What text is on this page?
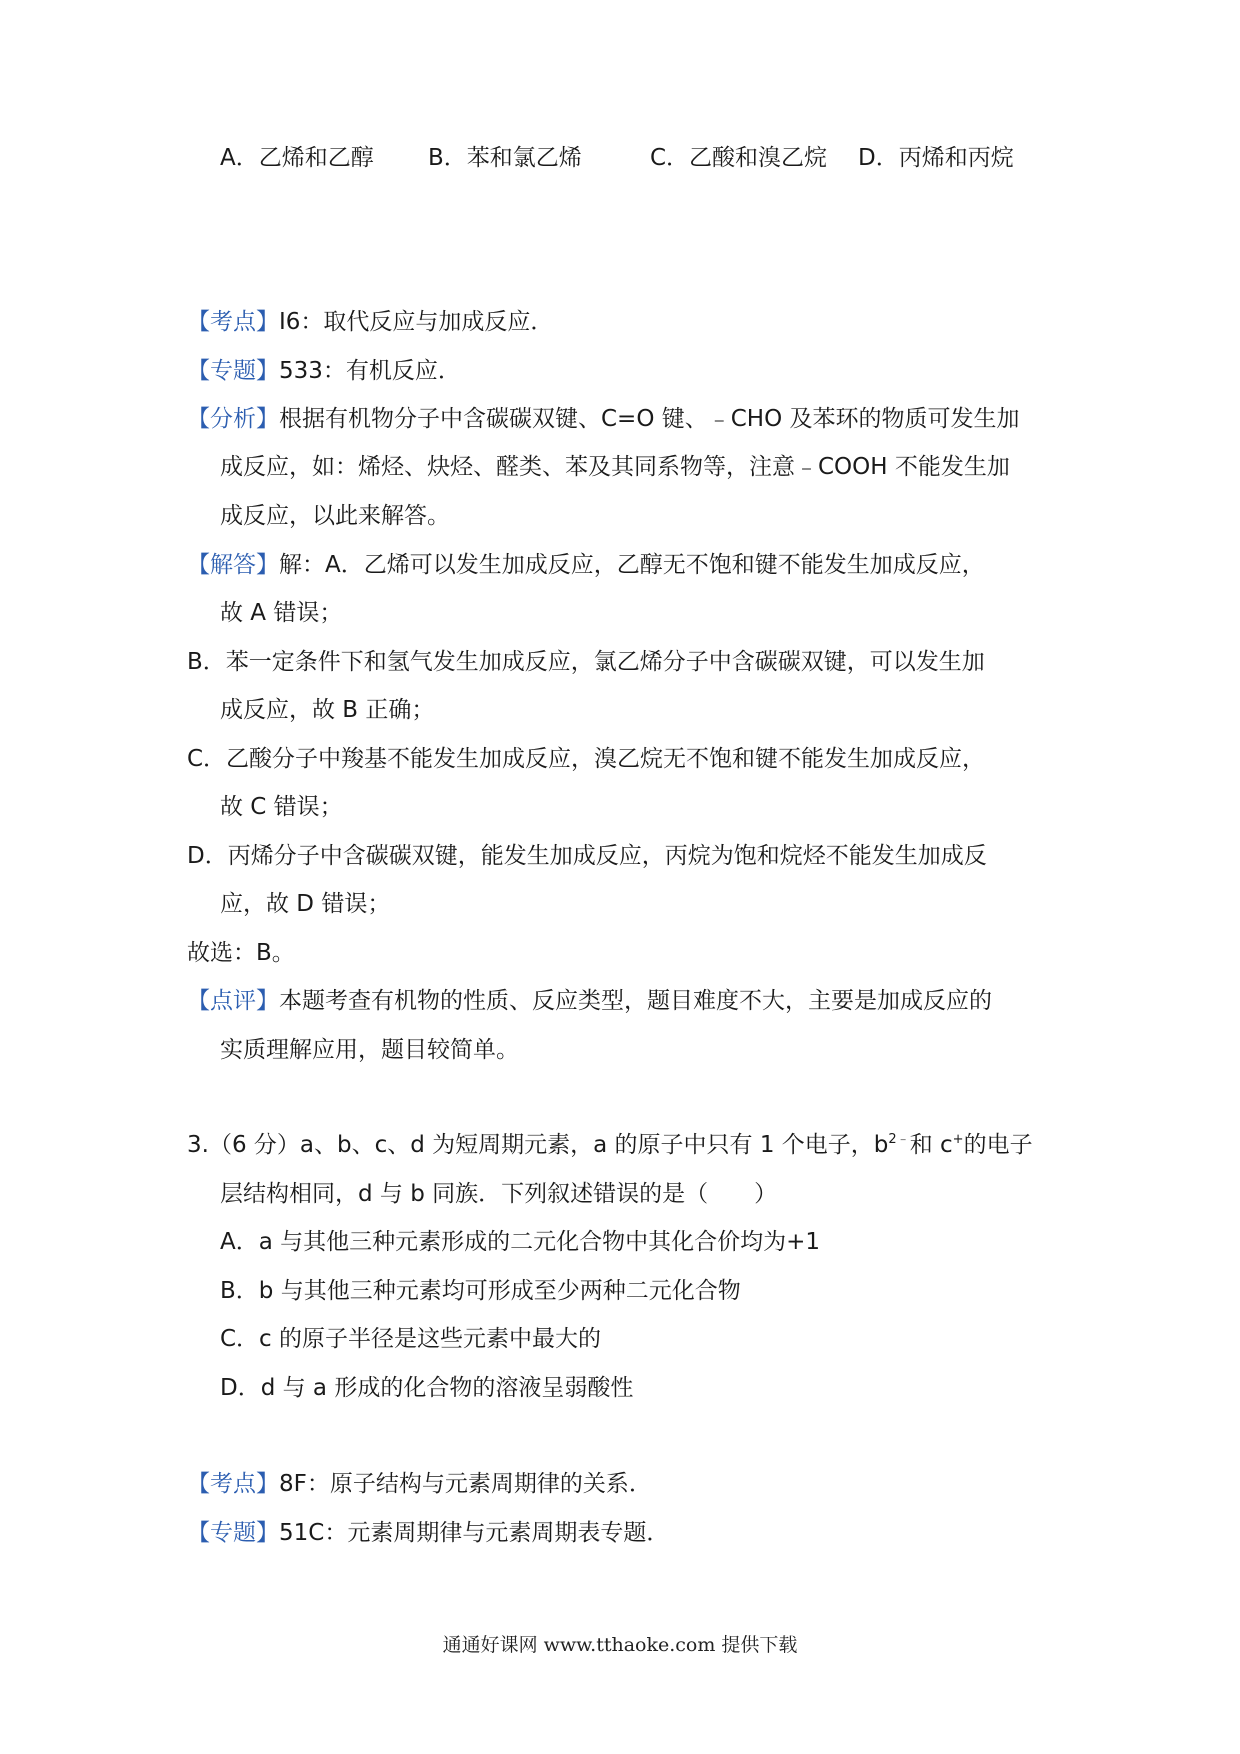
A．乙烯和乙醇 B．苯和氯乙烯	C．乙酸和溴乙烷 D．丙烯和丙烷
【考点】I6：取代反应与加成反应．
【专题】533：有机反应．
【分析】根据有机物分子中含碳碳双键、C=O 键、﹣CHO 及苯环的物质可发生加
成反应，如：烯烃、炔烃、醛类、苯及其同系物等，注意﹣COOH 不能发生加
成反应，以此来解答。
【解答】解：A．乙烯可以发生加成反应，乙醇无不饱和键不能发生加成反应，
故 A 错误；
B．苯一定条件下和氢气发生加成反应，氯乙烯分子中含碳碳双键，可以发生加
成反应，故 B 正确；
C．乙酸分子中羧基不能发生加成反应，溴乙烷无不饱和键不能发生加成反应，
故 C 错误；
D．丙烯分子中含碳碳双键，能发生加成反应，丙烷为饱和烷烃不能发生加成反
应，故 D 错误；
故选：B。
【点评】本题考查有机物的性质、反应类型，题目难度不大，主要是加成反应的
实质理解应用，题目较简单。
3.（6 分）a、b、c、d 为短周期元素，a 的原子中只有 1 个电子，$b^{2﹣}$和 c+的电子
层结构相同，d 与 b 同族．下列叙述错误的是（　　）
A．a 与其他三种元素形成的二元化合物中其化合价均为+1
B．b 与其他三种元素均可形成至少两种二元化合物
C．c 的原子半径是这些元素中最大的
D．d 与 a 形成的化合物的溶液呈弱酸性
【考点】8F：原子结构与元素周期律的关系．
【专题】51C：元素周期律与元素周期表专题．
通通好课网 www.tthaoke.com 提供下载
